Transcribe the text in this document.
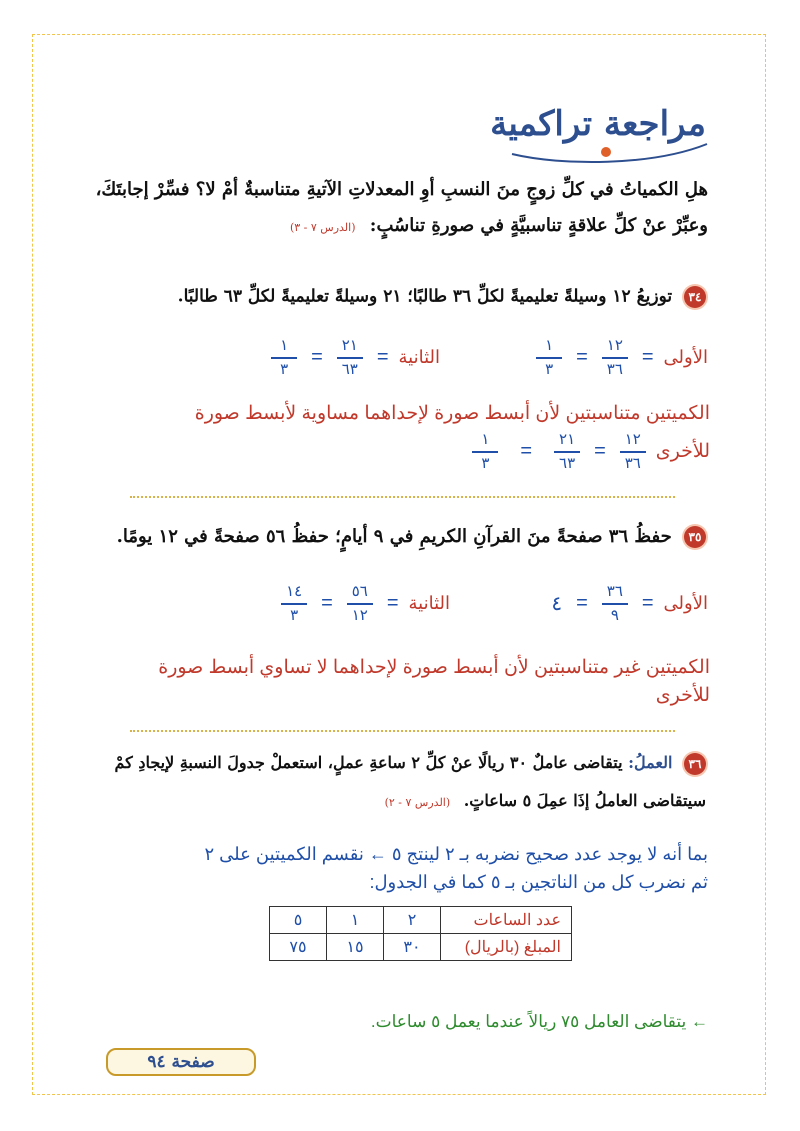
مراجعة تراكمية
هلِ الكمياتُ في كلِّ زوجٍ منَ النسبِ أوِ المعدلاتِ الآتيةِ متناسبةٌ أمْ لا؟ فسِّرْ إجابتَكَ، وعبِّرْ عنْ كلِّ علاقةٍ تناسبيَّةٍ في صورةِ تناسُبٍ: (الدرس ٧ - ٣)
٣٤ توزيعُ ١٢ وسيلةً تعليميةً لكلِّ ٣٦ طالبًا؛ ٢١ وسيلةً تعليميةً لكلِّ ٦٣ طالبًا.
الأولى
=
$\frac{١٢}{٣٦}$
=
$\frac{١}{٣}$
الثانية
=
$\frac{٢١}{٦٣}$
=
$\frac{١}{٣}$
الكميتين متناسبتين لأن أبسط صورة لإحداهما مساوية لأبسط صورة
للأخرى
$\frac{١٢}{٣٦}$
=
$\frac{٢١}{٦٣}$
=
$\frac{١}{٣}$
٣٥ حفظُ ٣٦ صفحةً منَ القرآنِ الكريمِ في ٩ أيامٍ؛ حفظُ ٥٦ صفحةً في ١٢ يومًا.
الأولى
=
$\frac{٣٦}{٩}$
=
٤
الثانية
=
$\frac{٥٦}{١٢}$
=
$\frac{١٤}{٣}$
الكميتين غير متناسبتين لأن أبسط صورة لإحداهما لا تساوي أبسط صورة
للأخرى
٣٦ العملُ: يتقاضى عاملٌ ٣٠ ريالًا عنْ كلِّ ٢ ساعةِ عملٍ، استعملْ جدولَ النسبةِ لإيجادِ كمْ سيتقاضى العاملُ إذَا عمِلَ ٥ ساعاتٍ. (الدرس ٧ - ٢)
بما أنه لا يوجد عدد صحيح نضربه بـ ٢ لينتج ٥ ← نقسم الكميتين على ٢
ثم نضرب كل من الناتجين بـ ٥ كما في الجدول:
عدد الساعات	٢	١	٥
المبلغ (بالريال)	٣٠	١٥	٧٥
← يتقاضى العامل ٧٥ ريالاً عندما يعمل ٥ ساعات.
صفحة ٩٤
